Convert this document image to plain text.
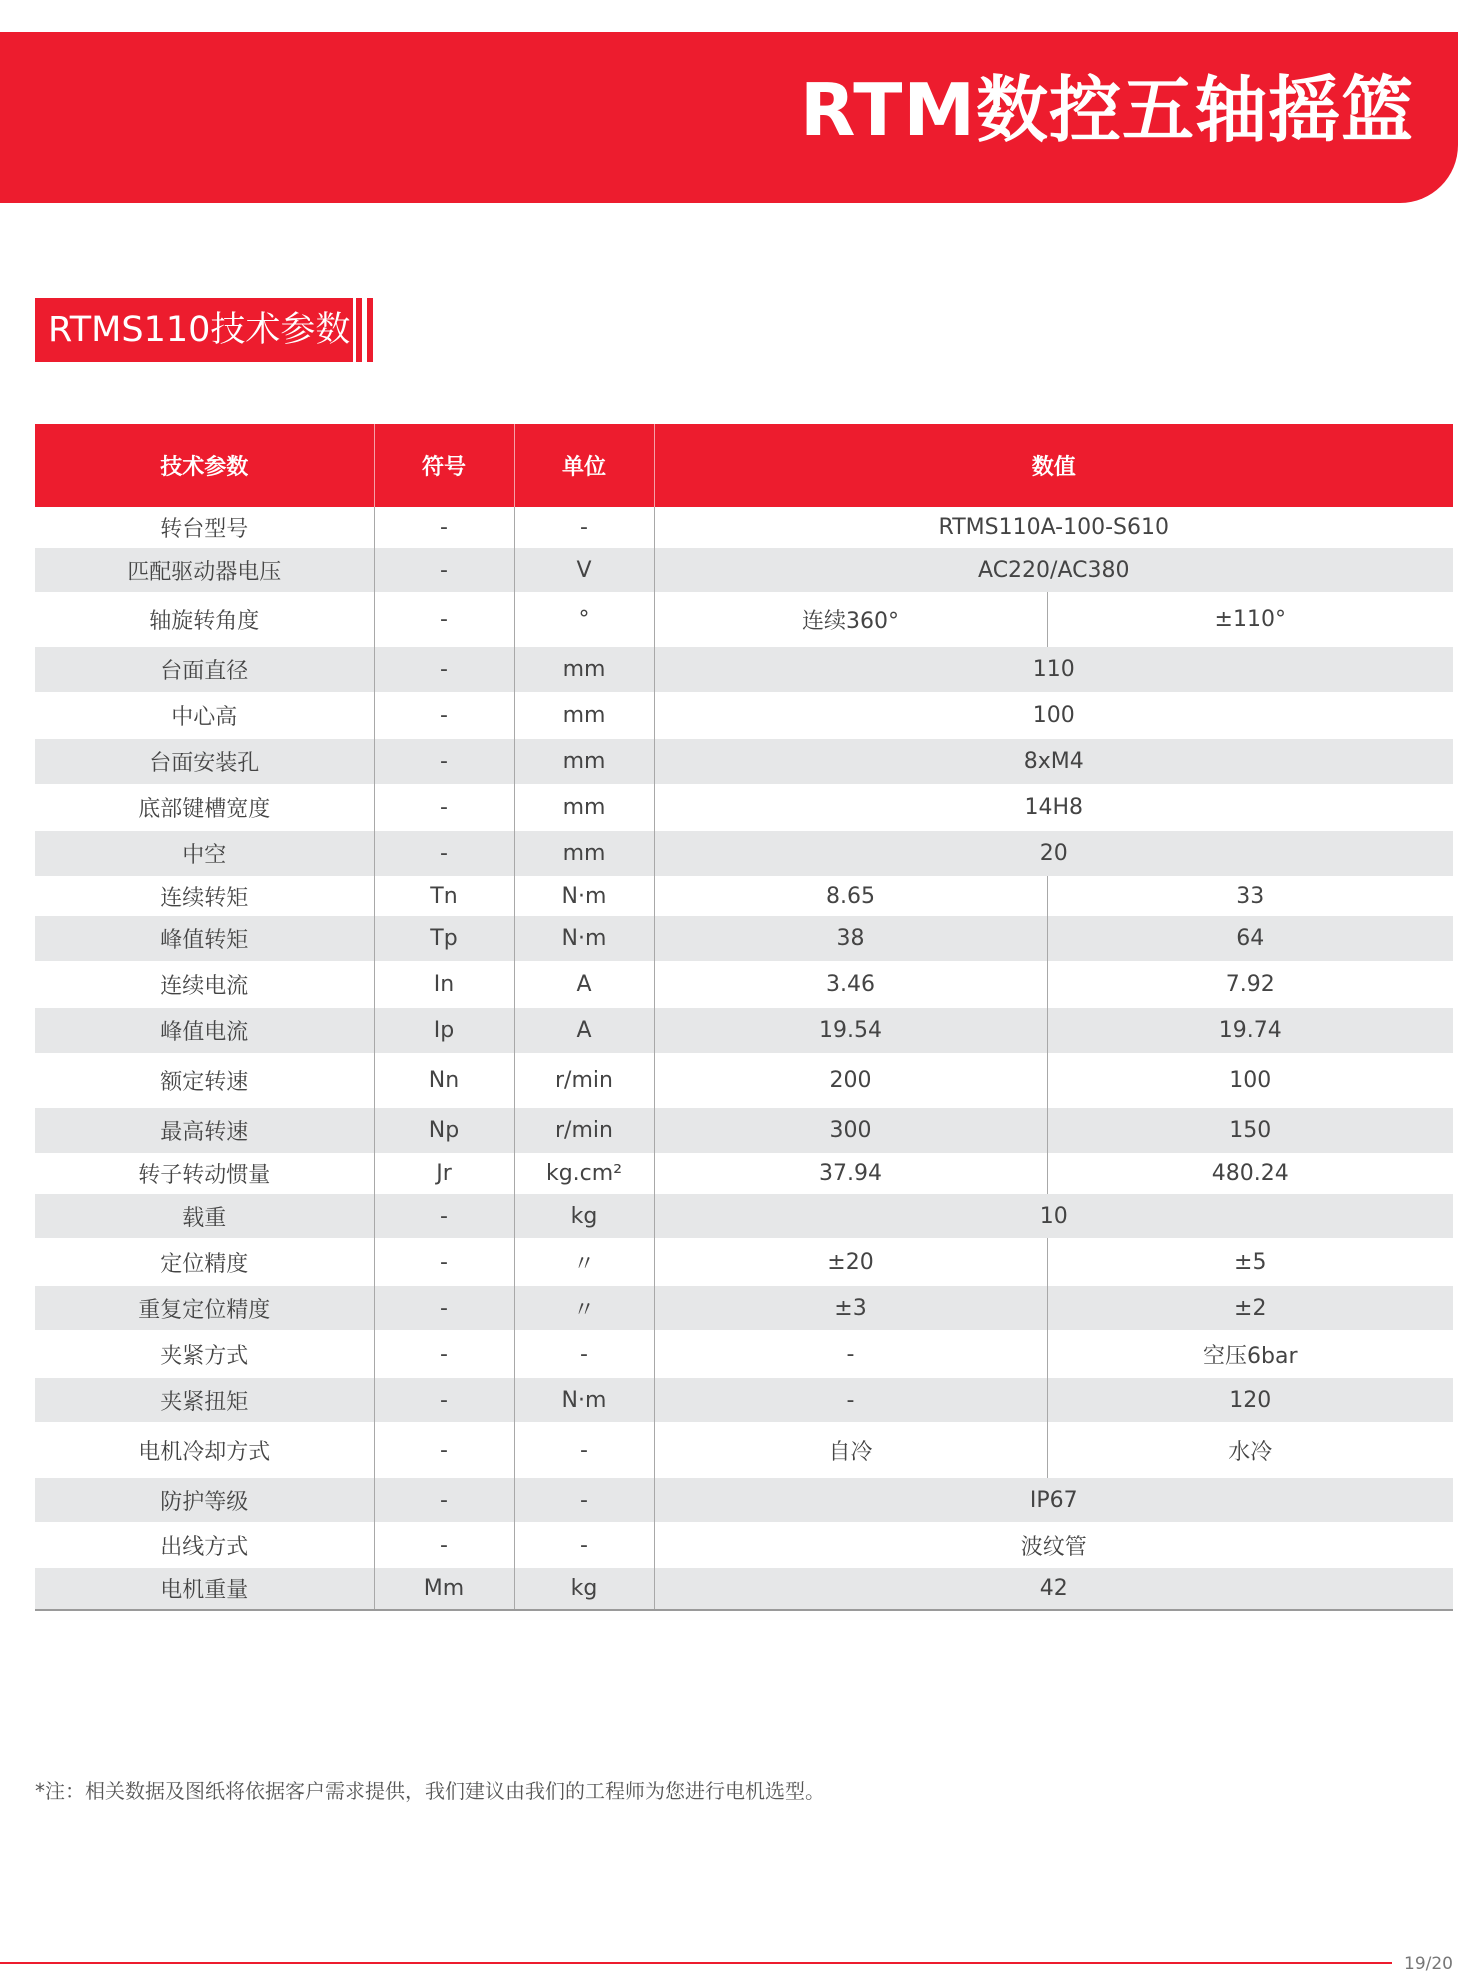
RTM数控五轴摇篮
RTMS110技术参数
技术参数	符号	单位	数值	
转台型号	-	-	RTMS110A-100-S610	
匹配驱动器电压	-	V	AC220/AC380	
轴旋转角度	-	°	连续360°	±110°
台面直径	-	mm	110	
中心高	-	mm	100	
台面安装孔	-	mm	8xM4	
底部键槽宽度	-	mm	14H8	
中空	-	mm	20	
连续转矩	Tn	N·m	8.65	33
峰值转矩	Tp	N·m	38	64
连续电流	In	A	3.46	7.92
峰值电流	Ip	A	19.54	19.74
额定转速	Nn	r/min	200	100
最高转速	Np	r/min	300	150
转子转动惯量	Jr	kg.cm²	37.94	480.24
载重	-	kg	10	
定位精度	-	〃	±20	±5
重复定位精度	-	〃	±3	±2
夹紧方式	-	-	-	空压6bar
夹紧扭矩	-	N·m	-	120
电机冷却方式	-	-	自冷	水冷
防护等级	-	-	IP67	
出线方式	-	-	波纹管	
电机重量	Mm	kg	42	
*注：相关数据及图纸将依据客户需求提供，我们建议由我们的工程师为您进行电机选型。
19/20
